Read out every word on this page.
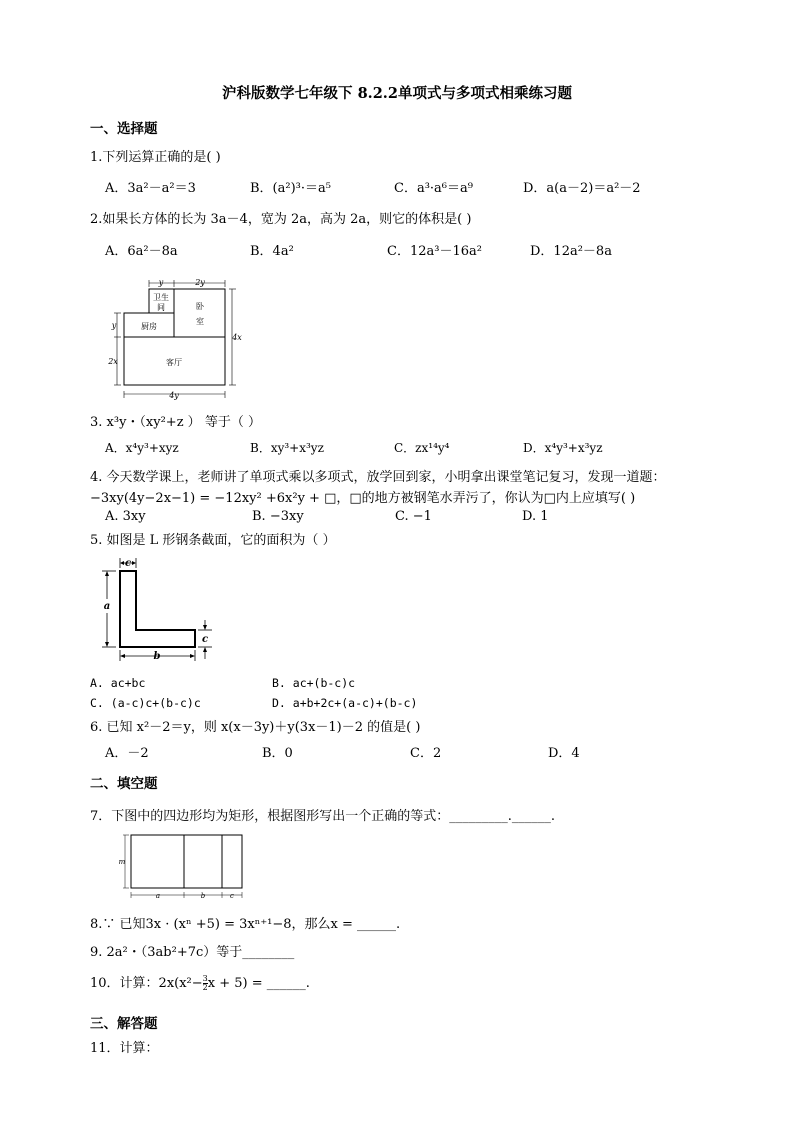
沪科版数学七年级下 8.2.2单项式与多项式相乘练习题
一、选择题
1.下列运算正确的是( )
A．3a²－a²＝3	B．(a²)³·＝a⁵	C．a³·a⁶＝a⁹	D．a(a－2)＝a²－2
2.如果长方体的长为 3a－4，宽为 2a，高为 2a，则它的体积是( )
A．6a²－8a	B．4a²	C．12a³－16a²	D．12a²－8a
y	2y
卫生
间	卧
室
厨房
客厅
y
2x
4x
4y
3. x³y・（xy²+z ） 等于（ ）
A．x⁴y³+xyz	B．xy³+x³yz	C．zx¹⁴y⁴	D．x⁴y³+x³yz
4. 今天数学课上，老师讲了单项式乘以多项式，放学回到家，小明拿出课堂笔记复习，发现一道题：
−3xy(4y−2x−1) = −12xy² +6x²y + □，□的地方被钢笔水弄污了，你认为□内上应填写( )
A. 3xy	B. −3xy	C. −1	D. 1
5. 如图是 L 形钢条截面，它的面积为（ ）
c
a
c
b
A. ac+bc	B. ac+(b-c)c
C. (a-c)c+(b-c)c	D. a+b+2c+(a-c)+(b-c)
6. 已知 x²－2＝y，则 x(x－3y)＋y(3x－1)－2 的值是( )
A．－2	B．0	C．2	D．4
二、填空题
7．下图中的四边形均为矩形，根据图形写出一个正确的等式：_________.______.
m
a	b	c
8.∵ 已知3x · (xⁿ +5) = 3xⁿ⁺¹−8，那么x = ______.
9. 2a²・（3ab²+7c）等于________
10．计算：$2x(x^2- \frac{3}{2}$ x + 5) = ______.
三、解答题
11．计算：
